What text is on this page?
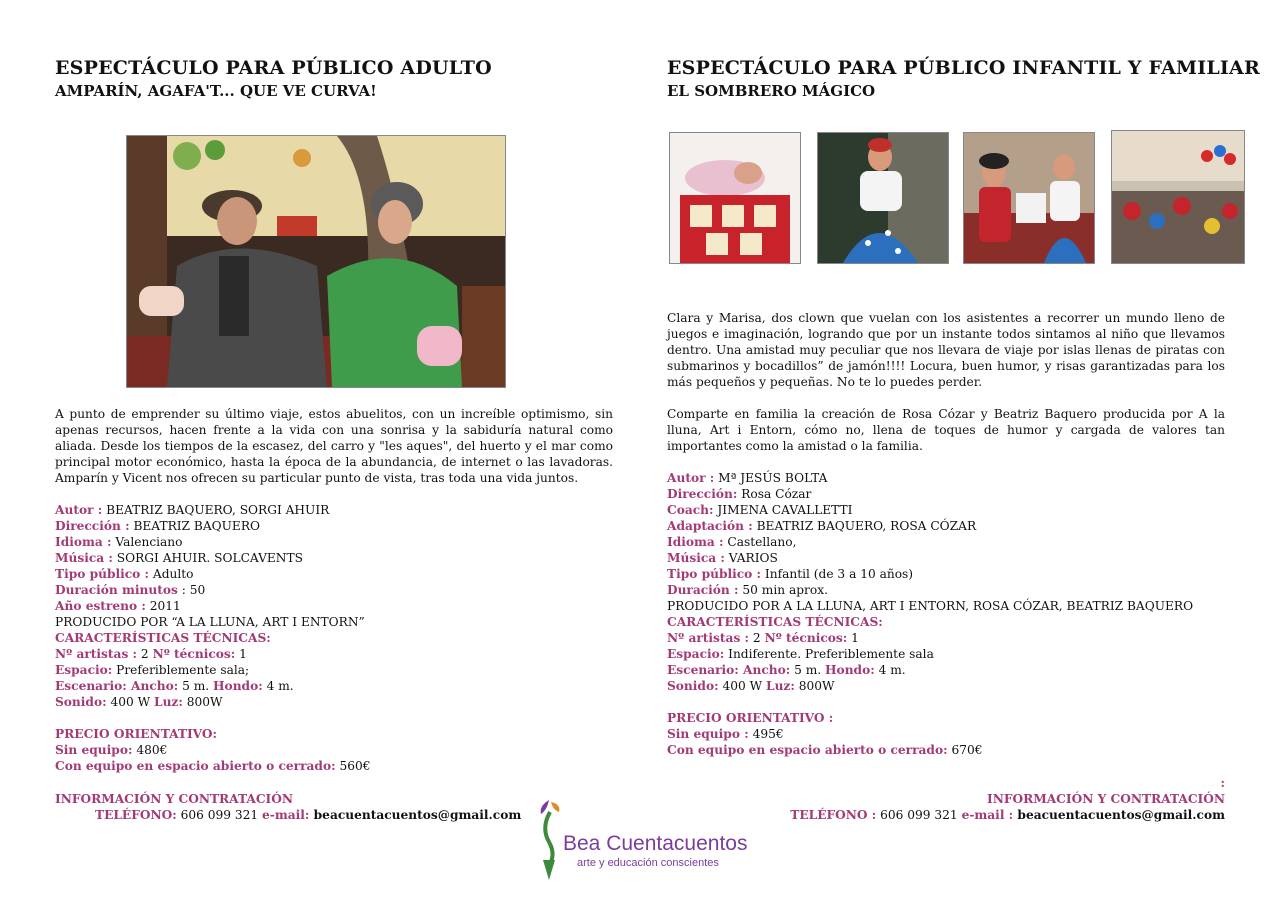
ESPECTÁCULO PARA PÚBLICO ADULTO
AMPARÍN, AGAFA'T... QUE VE CURVA!

A punto de emprender su último viaje, estos abuelitos, con un increíble optimismo, sin apenas recursos, hacen frente a la vida con una sonrisa y la sabiduría natural como aliada. Desde los tiempos de la escasez, del carro y "les aques", del huerto y el mar como principal motor económico, hasta la época de la abundancia, de internet o las lavadoras. Amparín y Vicent nos ofrecen su particular punto de vista, tras toda una vida juntos.

Autor : BEATRIZ BAQUERO, SORGI AHUIR
Dirección : BEATRIZ BAQUERO
Idioma : Valenciano
Música : SORGI AHUIR. SOLCAVENTS
Tipo público : Adulto
Duración minutos : 50
Año estreno : 2011
PRODUCIDO POR “A LA LLUNA, ART I ENTORN”
CARACTERÍSTICAS TÉCNICAS:
Nº artistas : 2 Nº técnicos: 1
Espacio: Preferiblemente sala;
Escenario: Ancho: 5 m. Hondo: 4 m.
Sonido: 400 W Luz: 800W
PRECIO ORIENTATIVO:
Sin equipo: 480€
Con equipo en espacio abierto o cerrado: 560€
INFORMACIÓN Y CONTRATACIÓN
TELÉFONO: 606 099 321 e-mail: beacuentacuentos@gmail.com
ESPECTÁCULO PARA PÚBLICO INFANTIL Y FAMILIAR
EL SOMBRERO MÁGICO

Clara y Marisa, dos clown que vuelan con los asistentes a recorrer un mundo lleno de juegos e imaginación, logrando que por un instante todos sintamos al niño que llevamos dentro. Una amistad muy peculiar que nos llevara de viaje por islas llenas de piratas con submarinos y bocadillos” de jamón!!!! Locura, buen humor, y risas garantizadas para los más pequeños y pequeñas. No te lo puedes perder.

Comparte en familia la creación de Rosa Cózar y Beatriz Baquero producida por A la lluna, Art i Entorn, cómo no, llena de toques de humor y cargada de valores tan importantes como la amistad o la familia.

Autor : Mª JESÚS BOLTA
Dirección: Rosa Cózar
Coach: JIMENA CAVALLETTI
Adaptación : BEATRIZ BAQUERO, ROSA CÓZAR
Idioma : Castellano,
Música : VARIOS
Tipo público : Infantil (de 3 a 10 años)
Duración : 50 min aprox.
PRODUCIDO POR A LA LLUNA, ART I ENTORN, ROSA CÓZAR, BEATRIZ BAQUERO
CARACTERÍSTICAS TÉCNICAS:
Nº artistas : 2 Nº técnicos: 1
Espacio: Indiferente. Preferiblemente sala
Escenario: Ancho: 5 m. Hondo: 4 m.
Sonido: 400 W Luz: 800W
PRECIO ORIENTATIVO :
Sin equipo : 495€
Con equipo en espacio abierto o cerrado: 670€
:
INFORMACIÓN Y CONTRATACIÓN
TELÉFONO : 606 099 321 e-mail : beacuentacuentos@gmail.com
Bea Cuentacuentos
arte y educación conscientes
